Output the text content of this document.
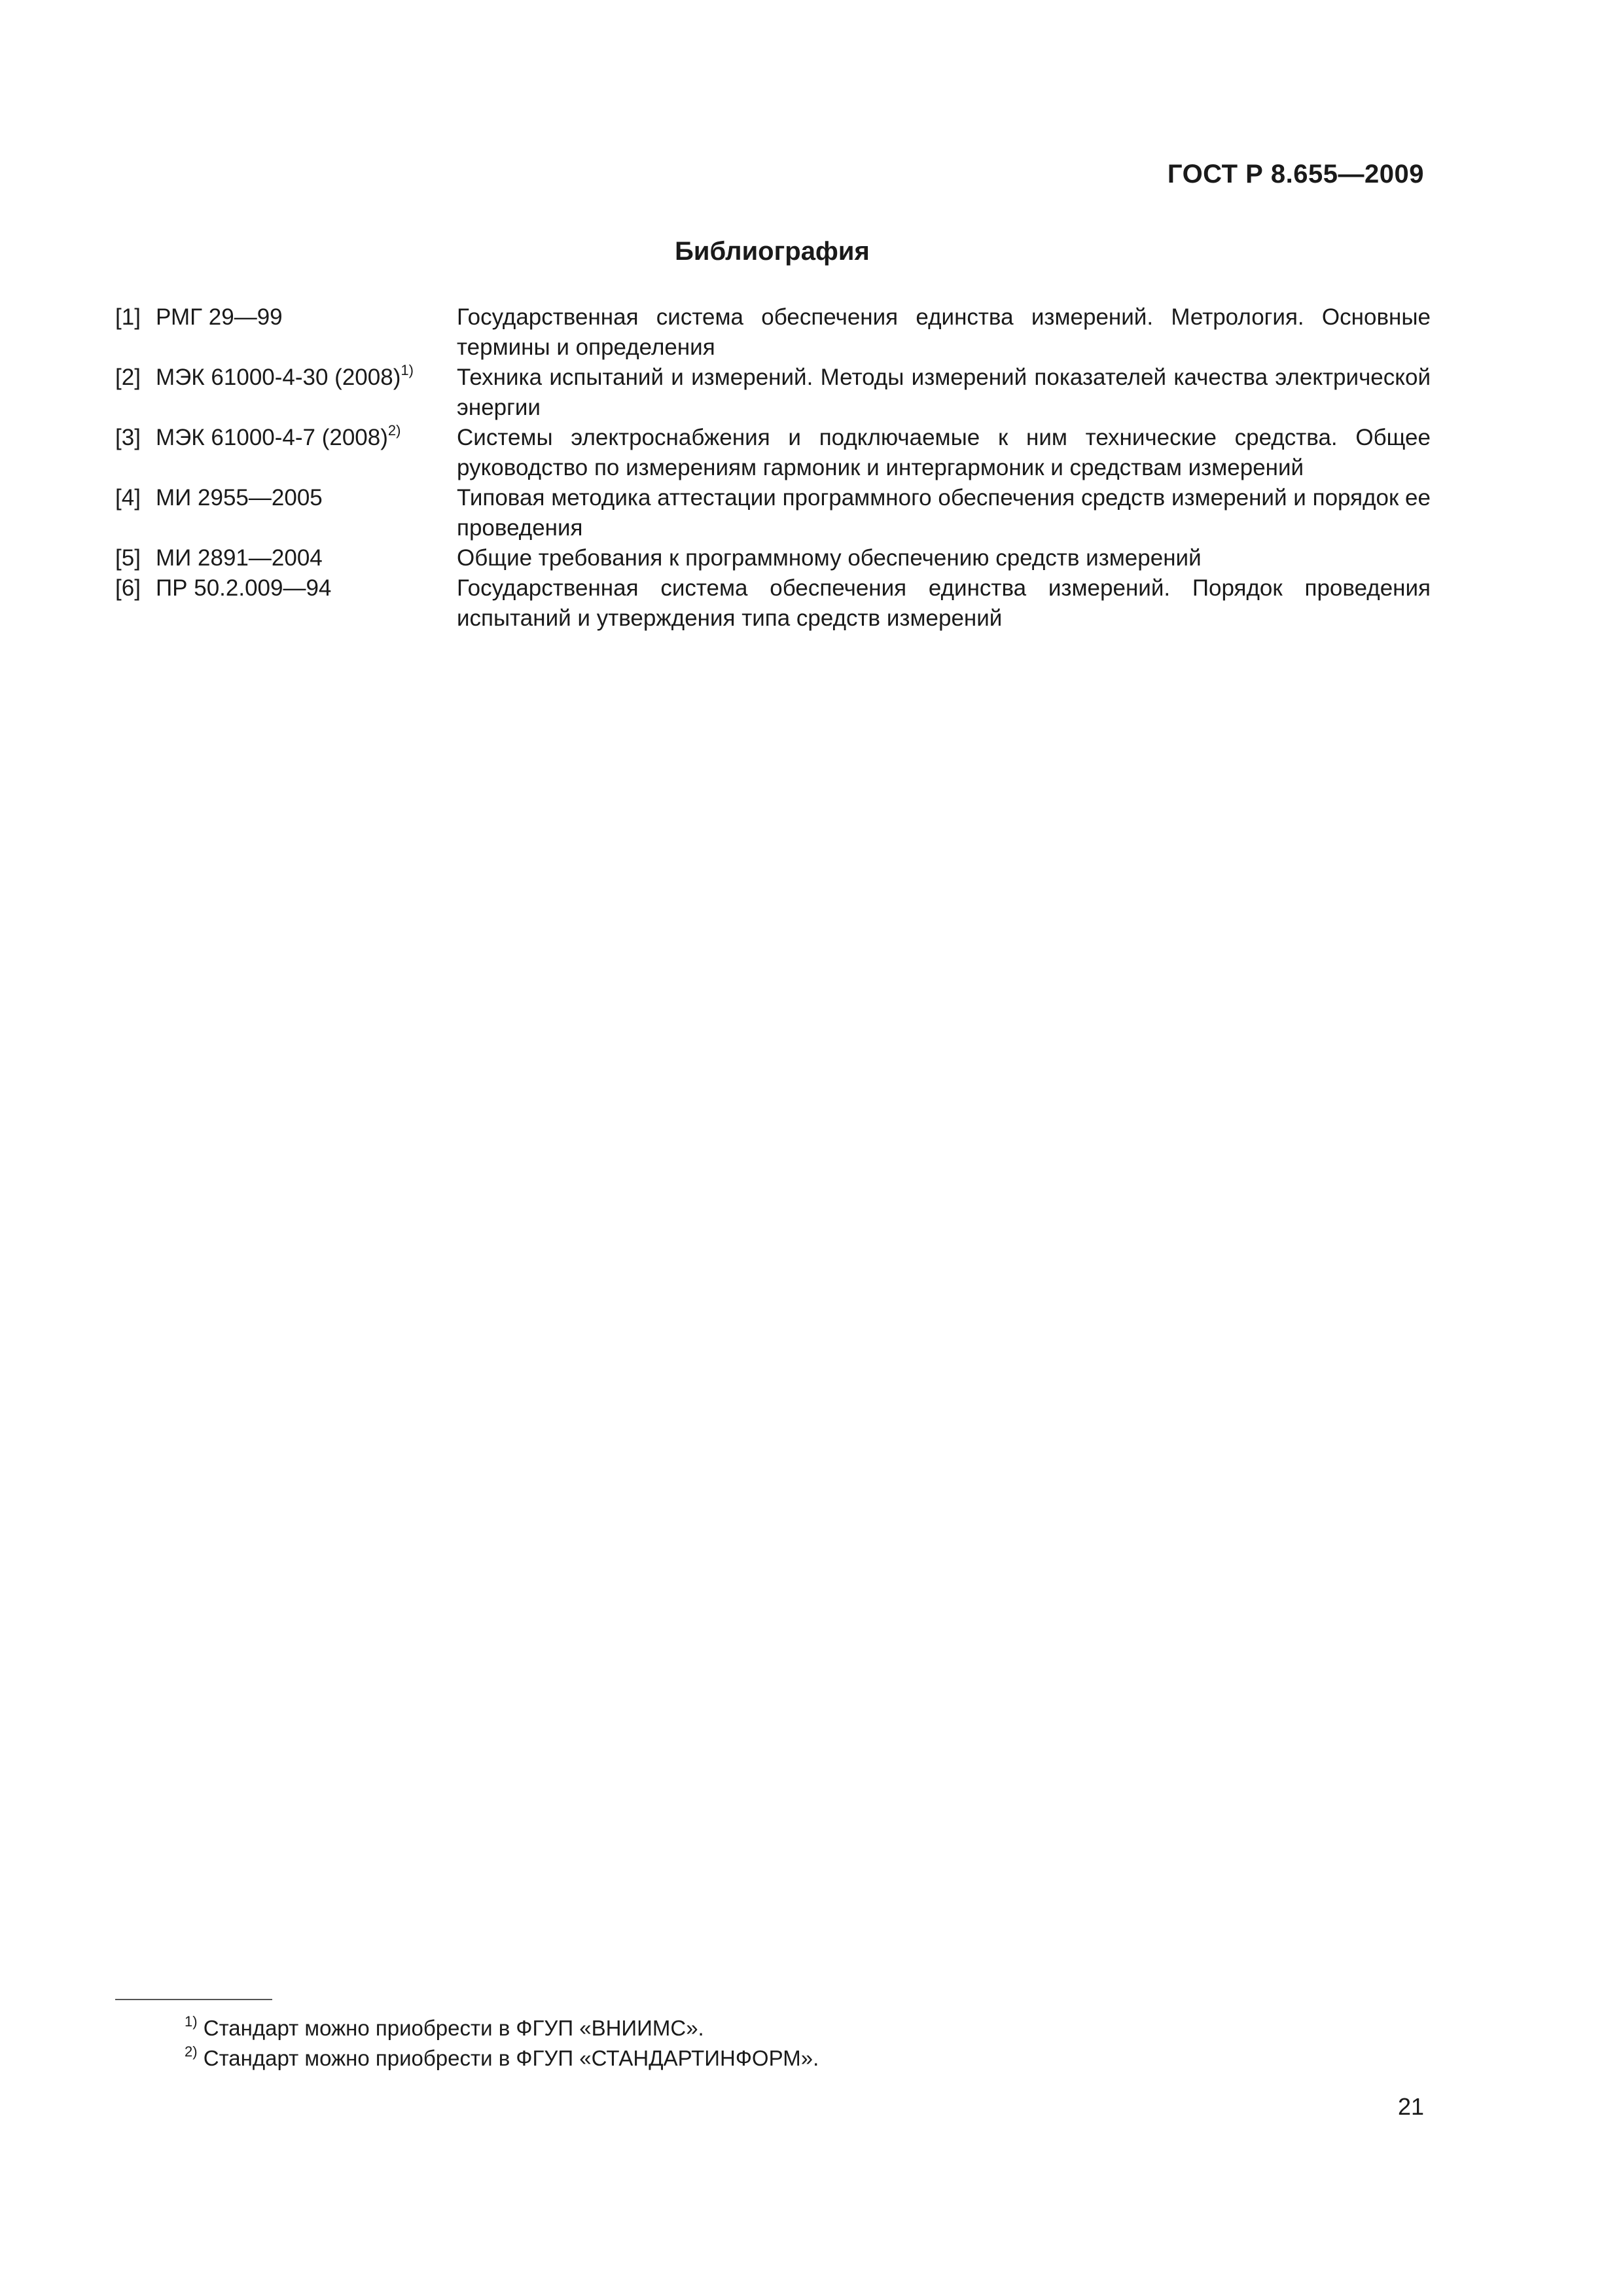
ГОСТ Р 8.655—2009
Библиография
[1] РМГ 29—99	Государственная система обеспечения единства измерений. Метрология. Основные термины и определения
[2] МЭК 61000-4-30 $(2008)^{1)}$	Техника испытаний и измерений. Методы измерений показателей качества электрической энергии
[3] МЭК 61000-4-7 $(2008)^{2)}$	Системы электроснабжения и подключаемые к ним технические средства. Общее руководство по измерениям гармоник и интергармоник и средствам измерений
[4] МИ 2955—2005	Типовая методика аттестации программного обеспечения средств измерений и порядок ее проведения
[5] МИ 2891—2004	Общие требования к программному обеспечению средств измерений
[6] ПР 50.2.009—94	Государственная система обеспечения единства измерений. Порядок проведения испытаний и утверждения типа средств измерений
$^{1)}$ Стандарт можно приобрести в ФГУП «ВНИИМС».
$^{2)}$ Стандарт можно приобрести в ФГУП «СТАНДАРТИНФОРМ».
21
